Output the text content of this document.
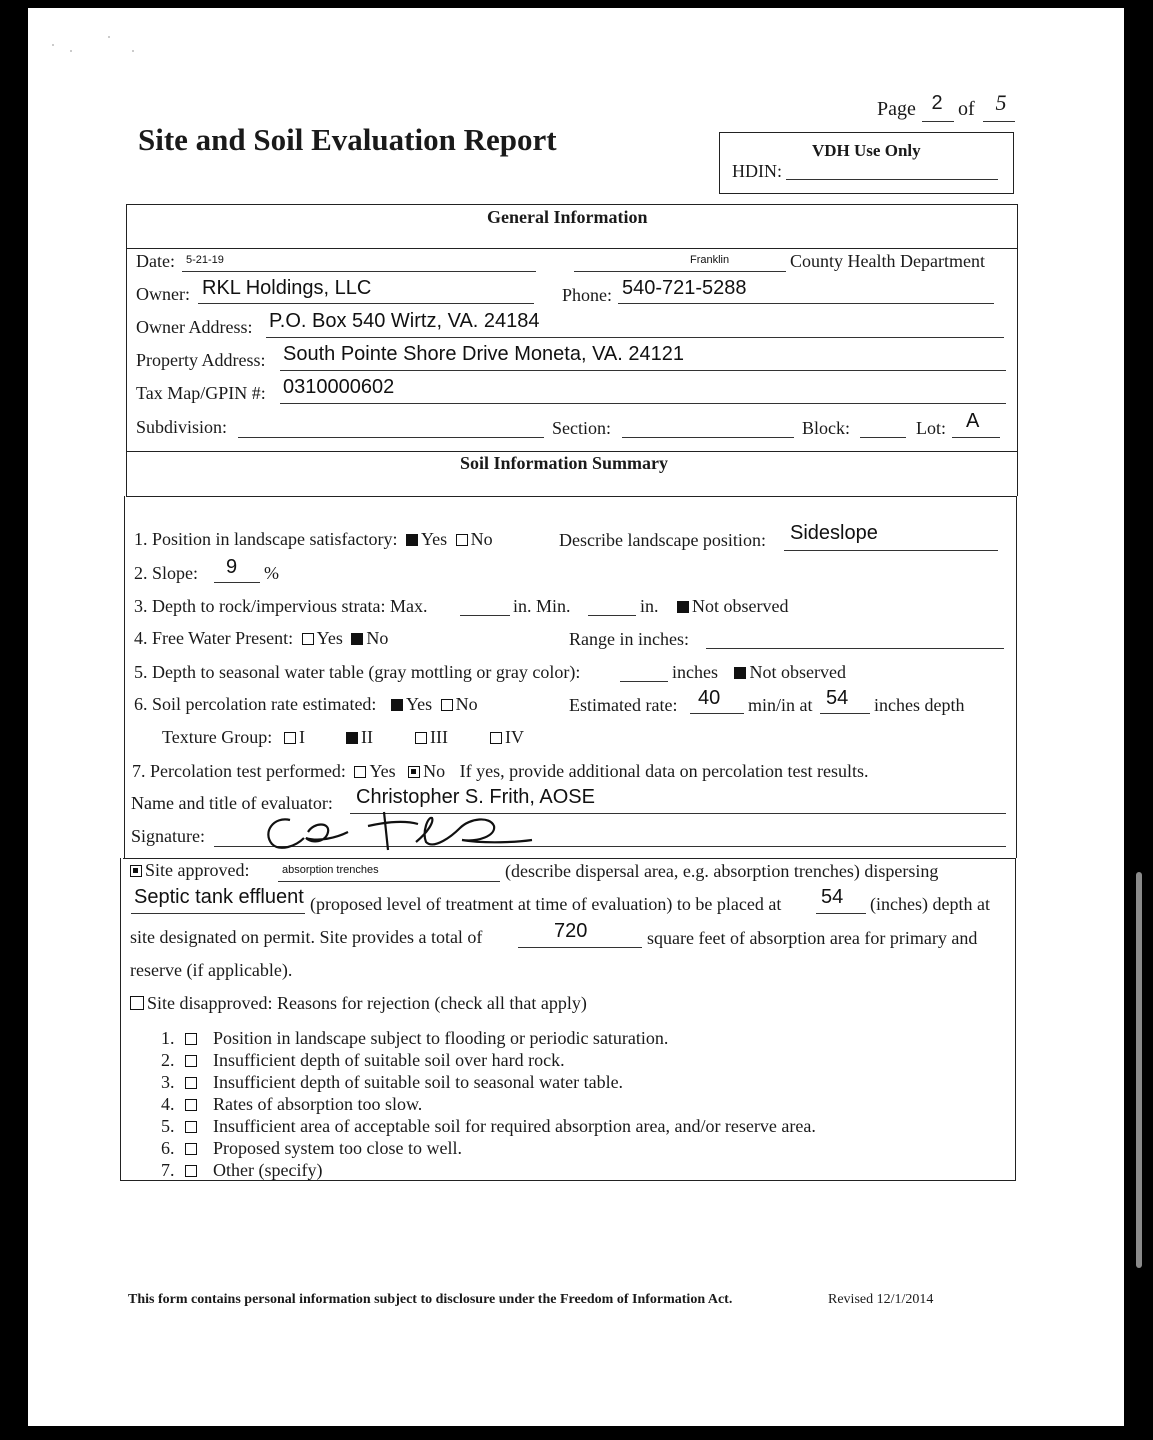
Page 2 of 5
Site and Soil Evaluation Report	VDH Use Only
HDIN:
General Information
Date: 5-21-19	Franklin	County Health Department
Owner: RKL Holdings, LLC	Phone: 540-721-5288
Owner Address: P.O. Box 540 Wirtz, VA. 24184
Property Address: South Pointe Shore Drive Moneta, VA. 24121
Tax Map/GPIN #: 0310000602
Subdivision:	Section:	Block:	Lot: A
Soil Information Summary
1. Position in landscape satisfactory: Yes No	Describe landscape position: Sideslope
2. Slope: 9 %
3. Depth to rock/impervious strata: Max.	in. Min.	in. Not observed
4. Free Water Present: Yes No	Range in inches:
5. Depth to seasonal water table (gray mottling or gray color):	inches Not observed
6. Soil percolation rate estimated: Yes No	Estimated rate: 40 min/in at 54 inches depth
Texture Group:	I	II	III	IV
7. Percolation test performed: Yes No If yes, provide additional data on percolation test results.
Name and title of evaluator: Christopher S. Frith, AOSE
Signature:
Site approved:	absorption trenches	(describe dispersal area, e.g. absorption trenches) dispersing
Septic tank effluent (proposed level of treatment at time of evaluation) to be placed at 54 (inches) depth at
site designated on permit. Site provides a total of	720	square feet of absorption area for primary and
reserve (if applicable).
Site disapproved: Reasons for rejection (check all that apply)
1. Position in landscape subject to flooding or periodic saturation.
2. Insufficient depth of suitable soil over hard rock.
3. Insufficient depth of suitable soil to seasonal water table.
4. Rates of absorption too slow.
5. Insufficient area of acceptable soil for required absorption area, and/or reserve area.
6. Proposed system too close to well.
7. Other (specify)
This form contains personal information subject to disclosure under the Freedom of Information Act.	Revised 12/1/2014
